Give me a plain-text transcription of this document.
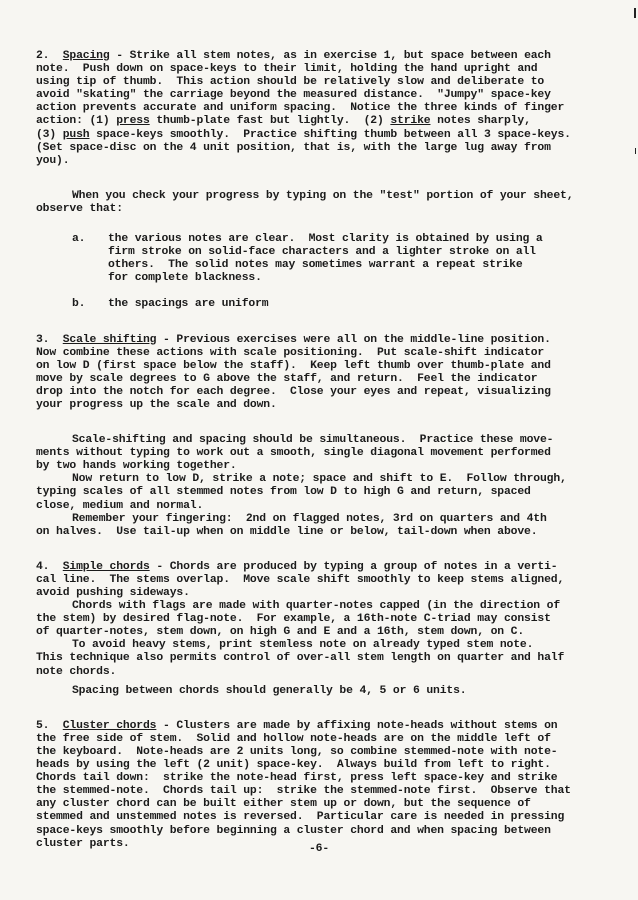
2. Spacing - Strike all stem notes, as in exercise 1, but space between each

note.  Push down on space-keys to their limit, holding the hand upright and

using tip of thumb.  This action should be relatively slow and deliberate to

avoid "skating" the carriage beyond the measured distance.  "Jumpy" space-key

action prevents accurate and uniform spacing.  Notice the three kinds of finger

action: (1) press thumb-plate fast but lightly.  (2) strike notes sharply,

(3) push space-keys smoothly.  Practice shifting thumb between all 3 space-keys.

(Set space-disc on the 4 unit position, that is, with the large lug away from

you).

When you check your progress by typing on the "test" portion of your sheet,

observe that:

a. the various notes are clear.  Most clarity is obtained by using a

firm stroke on solid-face characters and a lighter stroke on all

others.  The solid notes may sometimes warrant a repeat strike

for complete blackness.

b. the spacings are uniform

3. Scale shifting - Previous exercises were all on the middle-line position.

Now combine these actions with scale positioning.  Put scale-shift indicator

on low D (first space below the staff).  Keep left thumb over thumb-plate and

move by scale degrees to G above the staff, and return.  Feel the indicator

drop into the notch for each degree.  Close your eyes and repeat, visualizing

your progress up the scale and down.

Scale-shifting and spacing should be simultaneous.  Practice these move-

ments without typing to work out a smooth, single diagonal movement performed

by two hands working together.

Now return to low D, strike a note; space and shift to E.  Follow through,

typing scales of all stemmed notes from low D to high G and return, spaced

close, medium and normal.

Remember your fingering:  2nd on flagged notes, 3rd on quarters and 4th

on halves.  Use tail-up when on middle line or below, tail-down when above.

4. Simple chords - Chords are produced by typing a group of notes in a verti-

cal line.  The stems overlap.  Move scale shift smoothly to keep stems aligned,

avoid pushing sideways.

Chords with flags are made with quarter-notes capped (in the direction of

the stem) by desired flag-note.  For example, a 16th-note C-triad may consist

of quarter-notes, stem down, on high G and E and a 16th, stem down, on C.

To avoid heavy stems, print stemless note on already typed stem note.

This technique also permits control of over-all stem length on quarter and half

note chords.

Spacing between chords should generally be 4, 5 or 6 units.

5. Cluster chords - Clusters are made by affixing note-heads without stems on

the free side of stem.  Solid and hollow note-heads are on the middle left of

the keyboard.  Note-heads are 2 units long, so combine stemmed-note with note-

heads by using the left (2 unit) space-key.  Always build from left to right.

Chords tail down:  strike the note-head first, press left space-key and strike

the stemmed-note.  Chords tail up:  strike the stemmed-note first.  Observe that

any cluster chord can be built either stem up or down, but the sequence of

stemmed and unstemmed notes is reversed.  Particular care is needed in pressing

space-keys smoothly before beginning a cluster chord and when spacing between

cluster parts.	-6-
